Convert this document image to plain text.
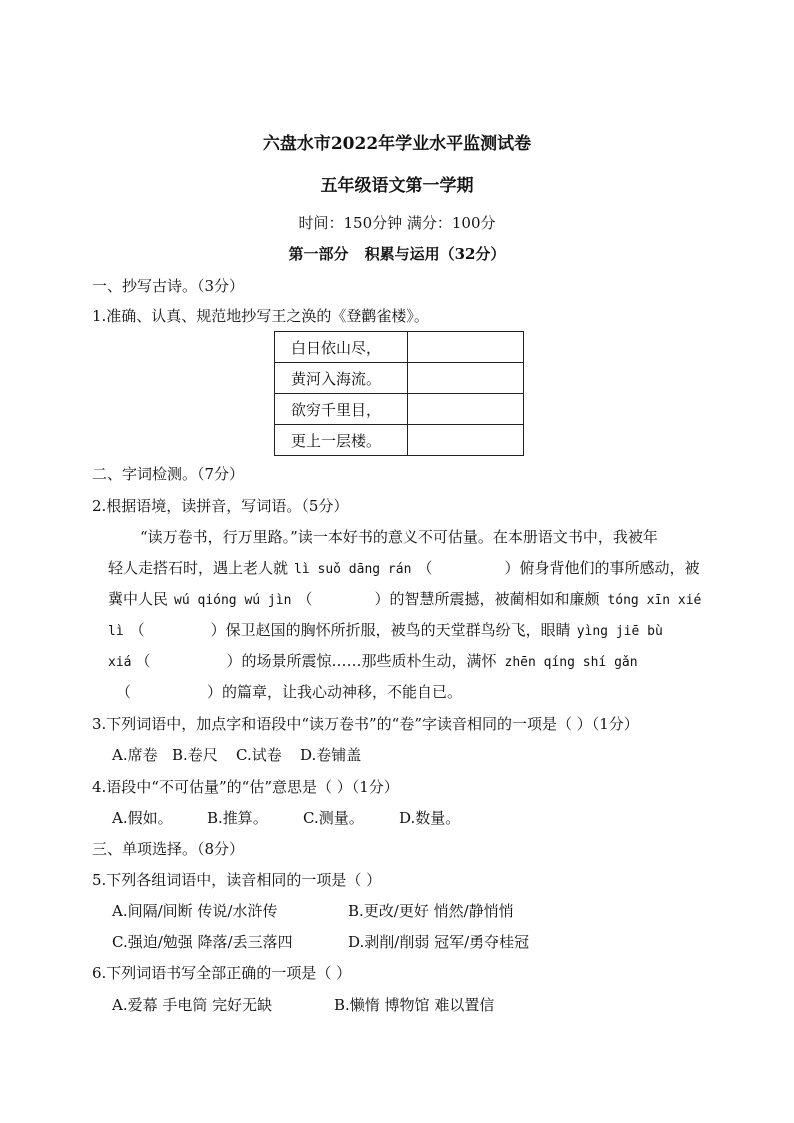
六盘水市2022年学业水平监测试卷
五年级语文第一学期
时间：150分钟 满分：100分
第一部分 积累与运用（32分）
一、抄写古诗。（3分）
1.准确、认真、规范地抄写王之涣的《登鹳雀楼》。
白日依山尽，	
黄河入海流。	
欲穷千里目，	
更上一层楼。	
二、字词检测。（7分）
2.根据语境，读拼音，写词语。（5分）
“读万卷书，行万里路。”读一本好书的意义不可估量。在本册语文书中，我被年
轻人走搭石时，遇上老人就 lì suǒ dāng rán （	）俯身背他们的事所感动，被
冀中人民 wú qióng wú jìn （	）的智慧所震撼，被蔺相如和廉颇 tóng xīn xié
lì （	）保卫赵国的胸怀所折服，被鸟的天堂群鸟纷飞，眼睛 yìng jiē bù
xiá （	）的场景所震惊……那些质朴生动，满怀 zhēn qíng shí gǎn
（	）的篇章，让我心动神移，不能自已。
3.下列词语中，加点字和语段中“读万卷书”的“卷”字读音相同的一项是（ ）（1分）
A.席卷 B.卷尺 C.试卷 D.卷铺盖
4.语段中“不可估量”的“估”意思是（ ）（1分）
A.假如。 B.推算。 C.测量。 D.数量。
三、单项选择。（8分）
5.下列各组词语中，读音相同的一项是（ ）
A.间隔/间断 传说/水浒传	B.更改/更好 悄然/静悄悄
C.强迫/勉强 降落/丢三落四	D.剥削/削弱 冠军/勇夺桂冠
6.下列词语书写全部正确的一项是（ ）
A.爱幕 手电筒 完好无缺	B.懒惰 博物馆 难以置信
